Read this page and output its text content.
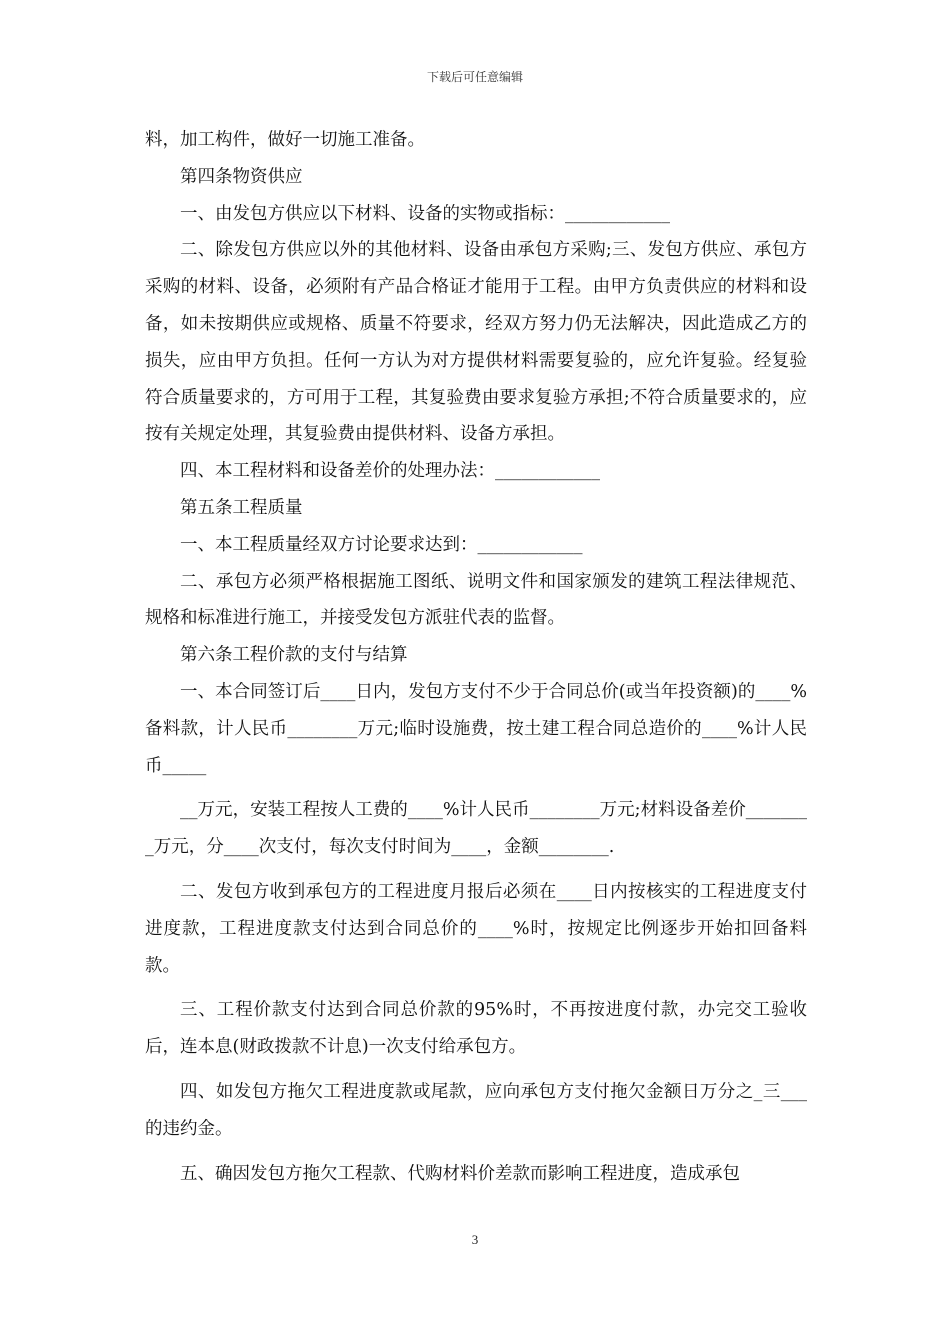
下载后可任意编辑

料，加工构件，做好一切施工准备。

第四条物资供应

一、由发包方供应以下材料、设备的实物或指标：____________

二、除发包方供应以外的其他材料、设备由承包方采购;三、发包方供应、承包方采购的材料、设备，必须附有产品合格证才能用于工程。由甲方负责供应的材料和设备，如未按期供应或规格、质量不符要求，经双方努力仍无法解决，因此造成乙方的损失，应由甲方负担。任何一方认为对方提供材料需要复验的，应允许复验。经复验符合质量要求的，方可用于工程，其复验费由要求复验方承担;不符合质量要求的，应按有关规定处理，其复验费由提供材料、设备方承担。

四、本工程材料和设备差价的处理办法：____________

第五条工程质量

一、本工程质量经双方讨论要求达到：____________

二、承包方必须严格根据施工图纸、说明文件和国家颁发的建筑工程法律规范、规格和标准进行施工，并接受发包方派驻代表的监督。

第六条工程价款的支付与结算

一、本合同签订后____日内，发包方支付不少于合同总价(或当年投资额)的____%备料款，计人民币________万元;临时设施费，按土建工程合同总造价的____%计人民币_____

__万元，安装工程按人工费的____%计人民币________万元;材料设备差价________万元，分____次支付，每次支付时间为____，金额________.

二、发包方收到承包方的工程进度月报后必须在____日内按核实的工程进度支付进度款，工程进度款支付达到合同总价的____%时，按规定比例逐步开始扣回备料款。

三、工程价款支付达到合同总价款的95%时，不再按进度付款，办完交工验收后，连本息(财政拨款不计息)一次支付给承包方。

四、如发包方拖欠工程进度款或尾款，应向承包方支付拖欠金额日万分之_三___的违约金。

五、确因发包方拖欠工程款、代购材料价差款而影响工程进度，造成承包

3
